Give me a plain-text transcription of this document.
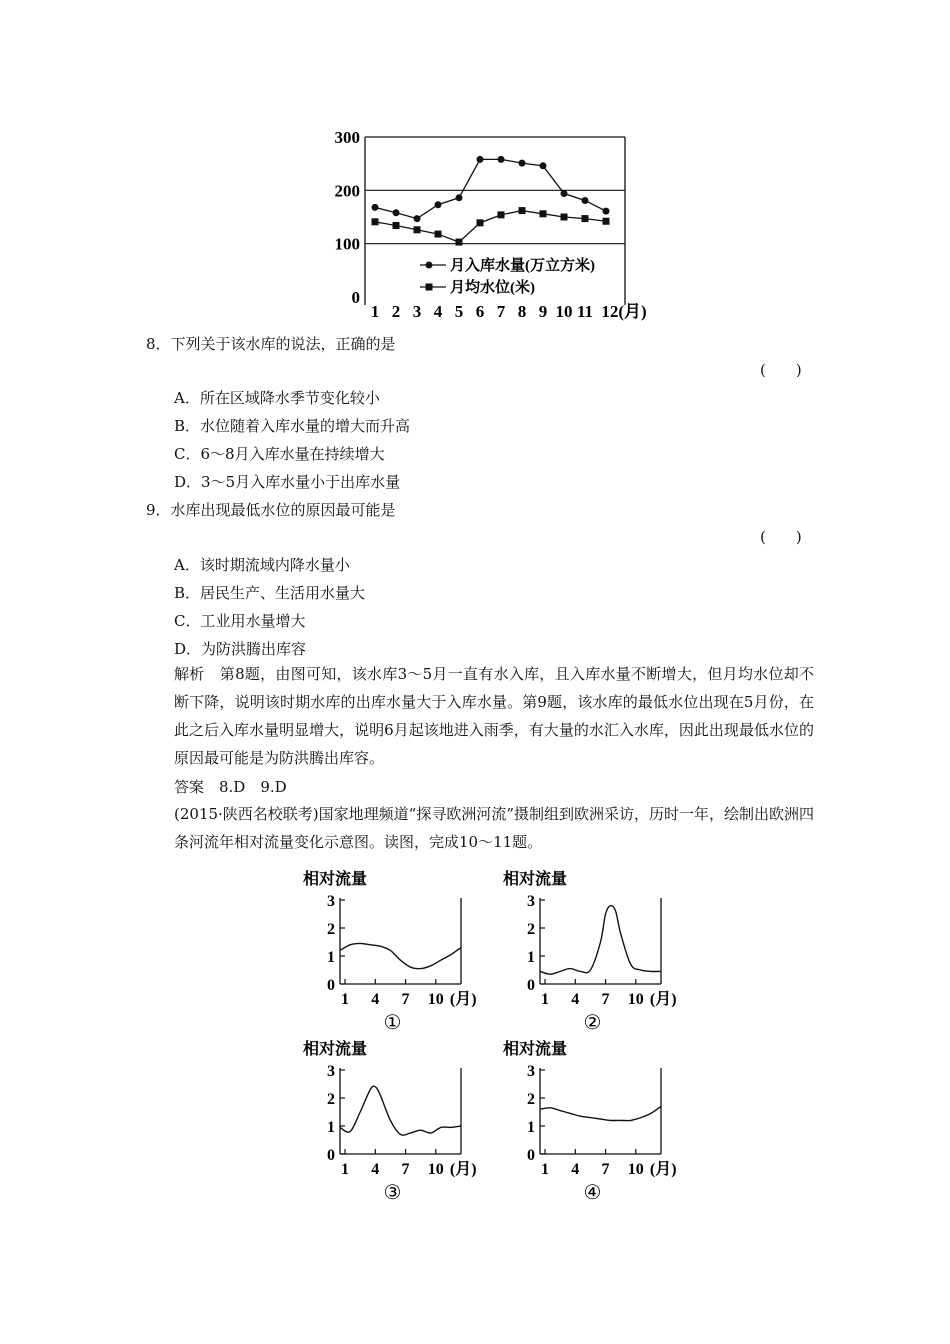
0
100
200
300
1 2 3 4 5 6 7 8 9 10 11 12(月)
月入库水量(万立方米)
月均水位(米)
8．下列关于该水库的说法，正确的是
(　　)
A．所在区域降水季节变化较小
B．水位随着入库水量的增大而升高
C．6～8月入库水量在持续增大
D．3～5月入库水量小于出库水量
9．水库出现最低水位的原因最可能是
(　　)
A．该时期流域内降水量小
B．居民生产、生活用水量大
C．工业用水量增大
D．为防洪腾出库容
解析　第8题，由图可知，该水库3～5月一直有水入库，且入库水量不断增大，但月均水位却不断下降，说明该时期水库的出库水量大于入库水量。第9题，该水库的最低水位出现在5月份，在此之后入库水量明显增大，说明6月起该地进入雨季，有大量的水汇入水库，因此出现最低水位的原因最可能是为防洪腾出库容。
答案　8.D　9.D
(2015·陕西名校联考)国家地理频道“探寻欧洲河流”摄制组到欧洲采访，历时一年，绘制出欧洲四条河流年相对流量变化示意图。读图，完成10～11题。
相对流量
0
1
2
3
1 4 7 10 (月)
①
相对流量
0
1
2
3
1 4 7 10 (月)
②
相对流量
0
1
2
3
1 4 7 10 (月)
③
相对流量
0
1
2
3
1 4 7 10 (月)
④
